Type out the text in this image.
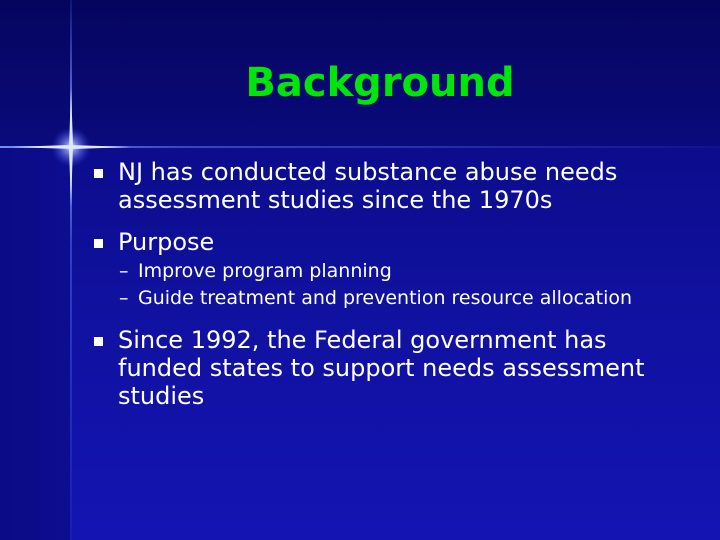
Background
NJ has conducted substance abuse needs assessment studies since the 1970s
Purpose
– Improve program planning
– Guide treatment and prevention resource allocation
Since 1992, the Federal government has funded states to support needs assessment studies
